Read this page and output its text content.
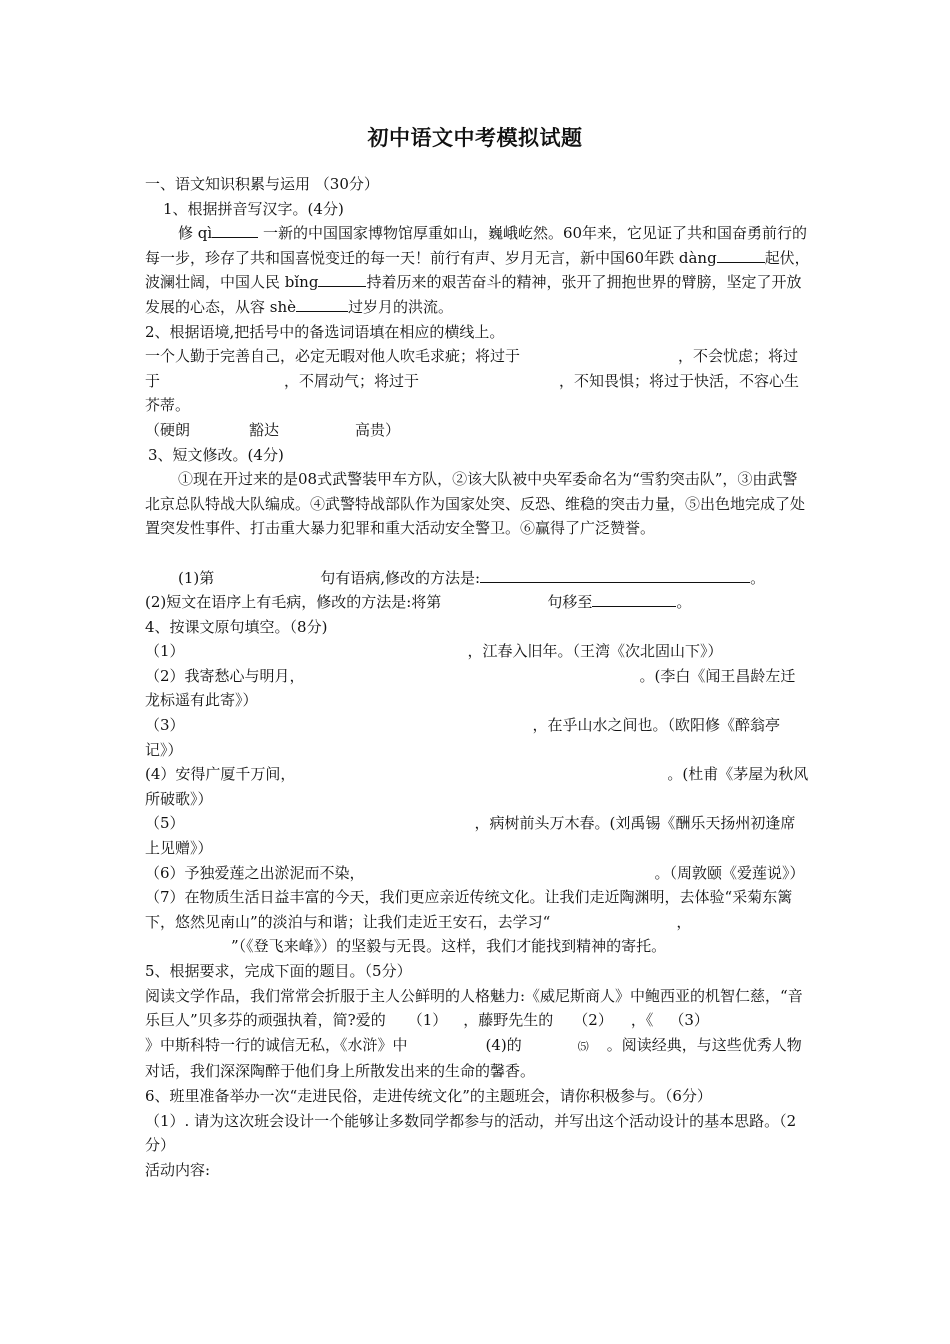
初中语文中考模拟试题

一、语文知识积累与运用 （30分）

1、根据拼音写汉字。(4分)

修 qì	一新的中国国家博物馆厚重如山，巍峨屹然。60年来，它见证了共和国奋勇前行的每一步，珍存了共和国喜悦变迁的每一天！前行有声、岁月无言，新中国60年跌 dàng	起伏，波澜壮阔，中国人民 bǐng	持着历来的艰苦奋斗的精神，张开了拥抱世界的臂膀，坚定了开放发展的心态，从容 shè	过岁月的洪流。

2、根据语境,把括号中的备选词语填在相应的横线上。

一个人勤于完善自己，必定无暇对他人吹毛求疵；将过于	，不会忧虑；将过于	，不屑动气；将过于	，不知畏惧；将过于快活，不容心生芥蒂。

（硬朗	豁达	高贵）

3、短文修改。(4分)

①现在开过来的是08式武警装甲车方队，②该大队被中央军委命名为“雪豹突击队”，③由武警北京总队特战大队编成。④武警特战部队作为国家处突、反恐、维稳的突击力量，⑤出色地完成了处置突发性事件、打击重大暴力犯罪和重大活动安全警卫。⑥赢得了广泛赞誉。

(1)第	句有语病,修改的方法是:	。

(2)短文在语序上有毛病，修改的方法是:将第	句移至	。

4、按课文原句填空。（8分)

（1）	，江春入旧年。（王湾《次北固山下》）

（2）我寄愁心与明月，	。(李白《闻王昌龄左迁龙标遥有此寄》）

（3）	，在乎山水之间也。（欧阳修《醉翁亭记》）

(4）安得广厦千万间，	。(杜甫《茅屋为秋风所破歌》）

（5）	，病树前头万木春。(刘禹锡《酬乐天扬州初逢席上见赠》）

（6）予独爱莲之出淤泥而不染，	。（周敦颐《爱莲说》）

（7）在物质生活日益丰富的今天，我们更应亲近传统文化。让我们走近陶渊明，去体验“采菊东篱下，悠然见南山”的淡泊与和谐；让我们走近王安石，去学习“	，
”（《登飞来峰》）的坚毅与无畏。这样，我们才能找到精神的寄托。

5、根据要求，完成下面的题目。（5分）

阅读文学作品，我们常常会折服于主人公鲜明的人格魅力:《威尼斯商人》中鲍西亚的机智仁慈，“音乐巨人”贝多芬的顽强执着，简?爱的 （1） ，藤野先生的 （2） ，《 （3）
》中斯科特一行的诚信无私，《水浒》中	(4)的	⑸ 。阅读经典，与这些优秀人物对话，我们深深陶醉于他们身上所散发出来的生命的馨香。

6、班里准备举办一次“走进民俗，走进传统文化”的主题班会，请你积极参与。（6分）

（1）. 请为这次班会设计一个能够让多数同学都参与的活动，并写出这个活动设计的基本思路。（2分）

活动内容:
